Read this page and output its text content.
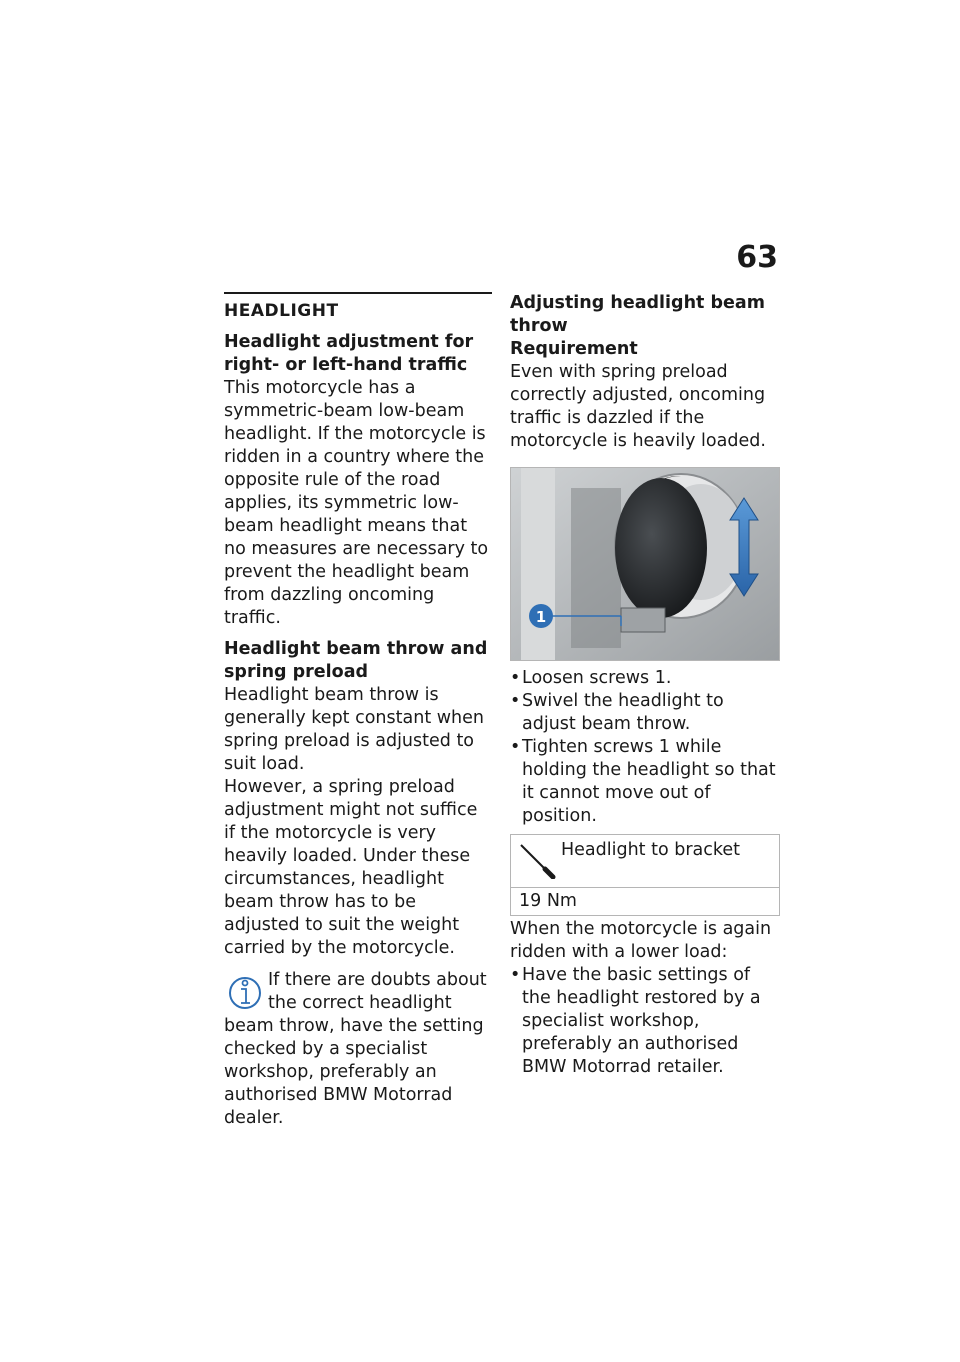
63
HEADLIGHT

Headlight adjustment for right- or left-hand traffic

This motorcycle has a symmetric-beam low-beam headlight. If the motorcycle is ridden in a country where the opposite rule of the road applies, its symmetric low-beam headlight means that no measures are necessary to prevent the headlight beam from dazzling oncoming traffic.

Headlight beam throw and spring preload

Headlight beam throw is generally kept constant when spring preload is adjusted to suit load.

However, a spring preload adjustment might not suffice if the motorcycle is very heavily loaded. Under these circumstances, headlight beam throw has to be adjusted to suit the weight carried by the motorcycle.

If there are doubts about the correct headlight beam throw, have the setting checked by a specialist workshop, preferably an authorised BMW Motorrad dealer.

Adjusting headlight beam throw

Requirement

Even with spring preload correctly adjusted, oncoming traffic is dazzled if the motorcycle is heavily loaded.

1
• Loosen screws 1.
• Swivel the headlight to adjust beam throw.
• Tighten screws 1 while holding the headlight so that it cannot move out of position.
Headlight to bracket
19 Nm

When the motorcycle is again ridden with a lower load:

• Have the basic settings of the headlight restored by a specialist workshop, preferably an authorised BMW Motorrad retailer.
